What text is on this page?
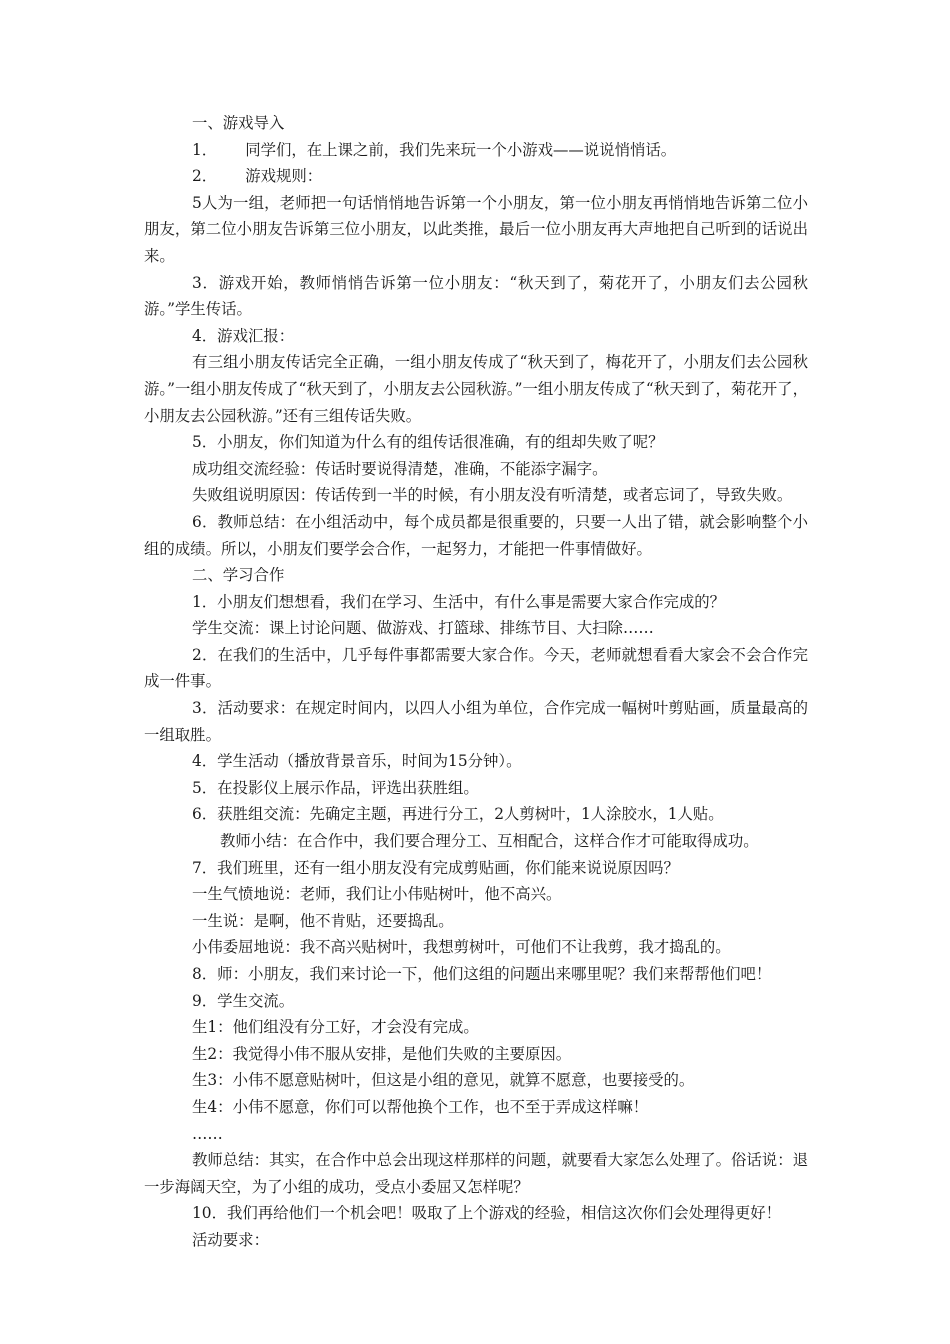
一、游戏导入

1． 同学们，在上课之前，我们先来玩一个小游戏——说说悄悄话。

2． 游戏规则：

5人为一组，老师把一句话悄悄地告诉第一个小朋友，第一位小朋友再悄悄地告诉第二位小朋友，第二位小朋友告诉第三位小朋友，以此类推，最后一位小朋友再大声地把自己听到的话说出来。

3．游戏开始，教师悄悄告诉第一位小朋友：“秋天到了，菊花开了，小朋友们去公园秋游。”学生传话。

4．游戏汇报：

有三组小朋友传话完全正确，一组小朋友传成了“秋天到了，梅花开了，小朋友们去公园秋游。”一组小朋友传成了“秋天到了，小朋友去公园秋游。”一组小朋友传成了“秋天到了，菊花开了，小朋友去公园秋游。”还有三组传话失败。

5．小朋友，你们知道为什么有的组传话很准确，有的组却失败了呢？

成功组交流经验：传话时要说得清楚，准确，不能添字漏字。

失败组说明原因：传话传到一半的时候，有小朋友没有听清楚，或者忘词了，导致失败。

6．教师总结：在小组活动中，每个成员都是很重要的，只要一人出了错，就会影响整个小组的成绩。所以，小朋友们要学会合作，一起努力，才能把一件事情做好。

二、学习合作

1．小朋友们想想看，我们在学习、生活中，有什么事是需要大家合作完成的？

学生交流：课上讨论问题、做游戏、打篮球、排练节目、大扫除……

2．在我们的生活中，几乎每件事都需要大家合作。今天，老师就想看看大家会不会合作完成一件事。

3．活动要求：在规定时间内，以四人小组为单位，合作完成一幅树叶剪贴画，质量最高的一组取胜。

4．学生活动（播放背景音乐，时间为15分钟）。

5．在投影仪上展示作品，评选出获胜组。

6．获胜组交流：先确定主题，再进行分工，2人剪树叶，1人涂胶水，1人贴。

教师小结：在合作中，我们要合理分工、互相配合，这样合作才可能取得成功。

7．我们班里，还有一组小朋友没有完成剪贴画，你们能来说说原因吗？

一生气愤地说：老师，我们让小伟贴树叶，他不高兴。

一生说：是啊，他不肯贴，还要捣乱。

小伟委屈地说：我不高兴贴树叶，我想剪树叶，可他们不让我剪，我才捣乱的。

8．师：小朋友，我们来讨论一下，他们这组的问题出来哪里呢？我们来帮帮他们吧！

9．学生交流。

生1：他们组没有分工好，才会没有完成。

生2：我觉得小伟不服从安排，是他们失败的主要原因。

生3：小伟不愿意贴树叶，但这是小组的意见，就算不愿意，也要接受的。

生4：小伟不愿意，你们可以帮他换个工作，也不至于弄成这样嘛！

……

教师总结：其实，在合作中总会出现这样那样的问题，就要看大家怎么处理了。俗话说：退一步海阔天空，为了小组的成功，受点小委屈又怎样呢？

10．我们再给他们一个机会吧！吸取了上个游戏的经验，相信这次你们会处理得更好！

活动要求：
